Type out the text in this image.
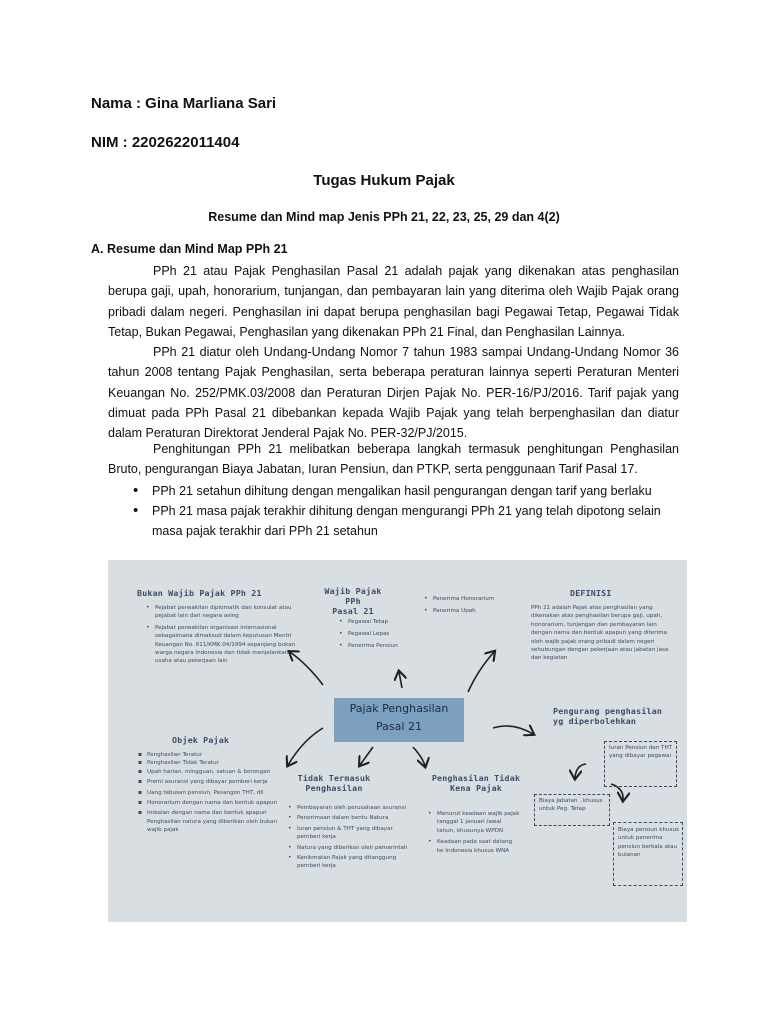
Nama : Gina Marliana Sari
NIM : 2202622011404
Tugas Hukum Pajak
Resume dan Mind map Jenis PPh 21, 22, 23, 25, 29 dan 4(2)
A. Resume dan Mind Map PPh 21
PPh 21 atau Pajak Penghasilan Pasal 21 adalah pajak yang dikenakan atas penghasilan berupa gaji, upah, honorarium, tunjangan, dan pembayaran lain yang diterima oleh Wajib Pajak orang pribadi dalam negeri. Penghasilan ini dapat berupa penghasilan bagi Pegawai Tetap, Pegawai Tidak Tetap, Bukan Pegawai, Penghasilan yang dikenakan PPh 21 Final, dan Penghasilan Lainnya.
PPh 21 diatur oleh Undang-Undang Nomor 7 tahun 1983 sampai Undang-Undang Nomor 36 tahun 2008 tentang Pajak Penghasilan, serta beberapa peraturan lainnya seperti Peraturan Menteri Keuangan No. 252/PMK.03/2008 dan Peraturan Dirjen Pajak No. PER-16/PJ/2016. Tarif pajak yang dimuat pada PPh Pasal 21 dibebankan kepada Wajib Pajak yang telah berpenghasilan dan diatur dalam Peraturan Direktorat Jenderal Pajak No. PER-32/PJ/2015.
Penghitungan PPh 21 melibatkan beberapa langkah termasuk penghitungan Penghasilan Bruto, pengurangan Biaya Jabatan, Iuran Pensiun, dan PTKP, serta penggunaan Tarif Pasal 17.
• PPh 21 setahun dihitung dengan mengalikan hasil pengurangan dengan tarif yang berlaku
• PPh 21 masa pajak terakhir dihitung dengan mengurangi PPh 21 yang telah dipotong selain masa pajak terakhir dari PPh 21 setahun
Pajak Penghasilan
Pasal 21
Bukan Wajib Pajak PPh 21
• Pejabat perwakilan diplomatik dan konsulat atau pejabat lain dari negara asing
• Pejabat perwakilan organisasi internasional sebagaimana dimaksud dalam keputusan Mentri Keuangan No. 611/KMK.04/1994 sepanjang bukan warga negara Indonesia dan tidak menjalankan usaha atau pekerjaan lain
Wajib Pajak PPh
Pasal 21
• Pegawai Tetap
• Pegawai Lepas
• Penerima Pensiun
• Penerima Honorarium
• Penerima Upah
DEFINISI
PPh 21 adalah Pajak atas penghasilan yang dikenakan atas penghasilan berupa gaji, upah, honorarium, tunjangan dan pembayaran lain dengan nama dan bentuk apapun yang diterima oleh wajib pajak orang pribadi dalam negeri sehubungan dengan pekerjaan atau jabatan jasa dan kegiatan
Pengurang penghasilan
yg diperbolehkan
Iuran Pensiun dan THT yang dibayar pegawai
Biaya Jabatan , khusus untuk Peg. Tetap
Biaya pensiun khusus untuk penerima pensiun berkala atau bulanan
Objek Pajak
▪ Penghasilan Teratur
▪ Penghasilan Tidak Teratur
▪ Upah harian, mingguan, satuan & borongan
▪ Premi asuransi yang dibayar pemberi kerja
▪ Uang tebusan pensiun, Pesangon THT, dll
▪ Honorarium dengan nama dan bentuk apapun
▪ Imbalan dengan nama dan bentuk apapun Penghasilan natura yang diberikan oleh bukan wajib pajak
Tidak Termasuk
Penghasilan
• Pembayaran oleh perusahaan asuransi
• Penerimaan dalam bentu Natura
• Iuran pensiun & THT yang dibayar pemberi kerja
• Natura yang diberikan oleh pemerintah
• Kenikmatan Pajak yang ditanggung pemberi kerja
Penghasilan Tidak
Kena Pajak
• Menurut keadaan wajib pajak tanggal 1 januari /awal tahun, khusunya WPDN
• Keadaan pada saat datang ke Indonesia khusus WNA
